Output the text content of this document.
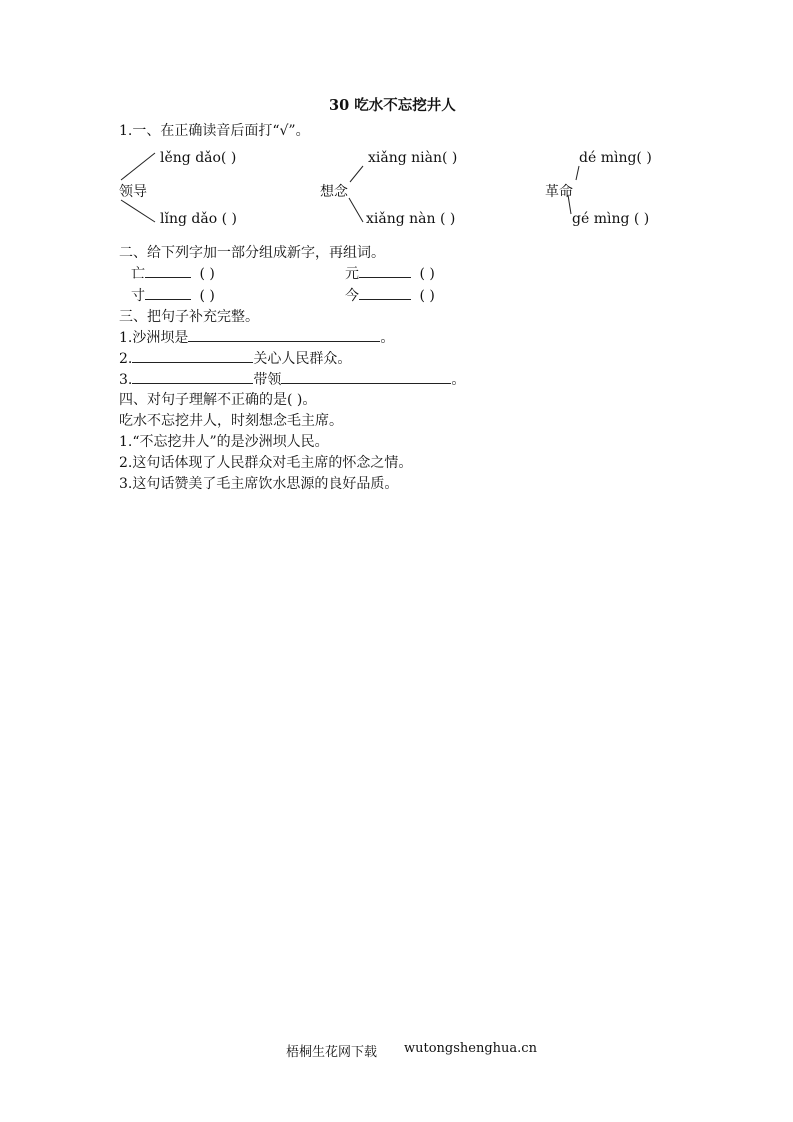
30 吃水不忘挖井人
1.一、在正确读音后面打“√”。
lěng dǎo( )
领导
lǐng dǎo ( )
xiǎng niàn( )
想念
xiǎng nàn ( )
dé mìng( )
革命
gé mìng ( )
二、给下列字加一部分组成新字，再组词。
亡	( )	元	( )
寸	( )	今	( )
三、把句子补充完整。
1.沙洲坝是	。
2.	关心人民群众。
3.	带领	。
四、对句子理解不正确的是( )。
吃水不忘挖井人，时刻想念毛主席。
1.“不忘挖井人”的是沙洲坝人民。
2.这句话体现了人民群众对毛主席的怀念之情。
3.这句话赞美了毛主席饮水思源的良好品质。
梧桐生花网下载 wutongshenghua.cn
